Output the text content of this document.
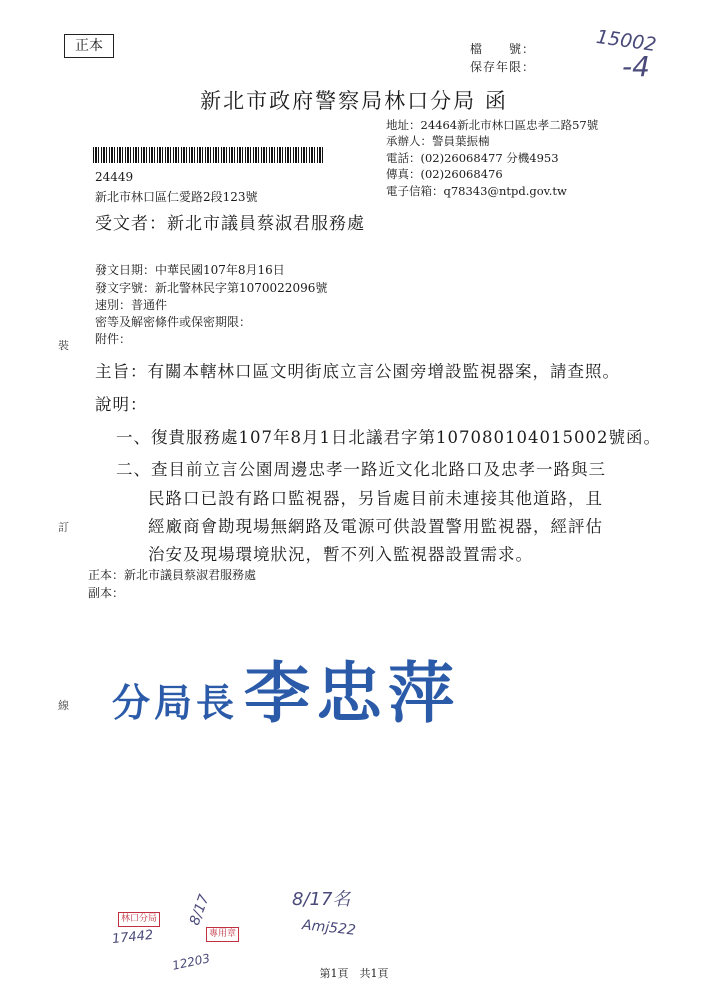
正本	檔　　號：
保存年限：
15002
-4
新北市政府警察局林口分局 函
地址：24464新北市林口區忠孝二路57號
承辦人：警員葉振楠
電話：(02)26068477 分機4953
傳真：(02)26068476
電子信箱：q78343@ntpd.gov.tw
24449
新北市林口區仁愛路2段123號
受文者：新北市議員蔡淑君服務處
發文日期：中華民國107年8月16日
發文字號：新北警林民字第1070022096號
速別：普通件
密等及解密條件或保密期限：
附件：
主旨：有關本轄林口區文明街底立言公園旁增設監視器案，請查照。
說明：
一、復貴服務處107年8月1日北議君字第107080104015002號函。
二、查目前立言公園周邊忠孝一路近文化北路口及忠孝一路與三
民路口已設有路口監視器，另旨處目前未連接其他道路，且
經廠商會勘現場無網路及電源可供設置警用監視器，經評估
治安及現場環境狀況，暫不列入監視器設置需求。
裝
訂
線
正本：新北市議員蔡淑君服務處
副本：
分局長李忠萍
林口分局
17442
8/17
專用章
12203
8/17名
Amj522
第1頁　共1頁
